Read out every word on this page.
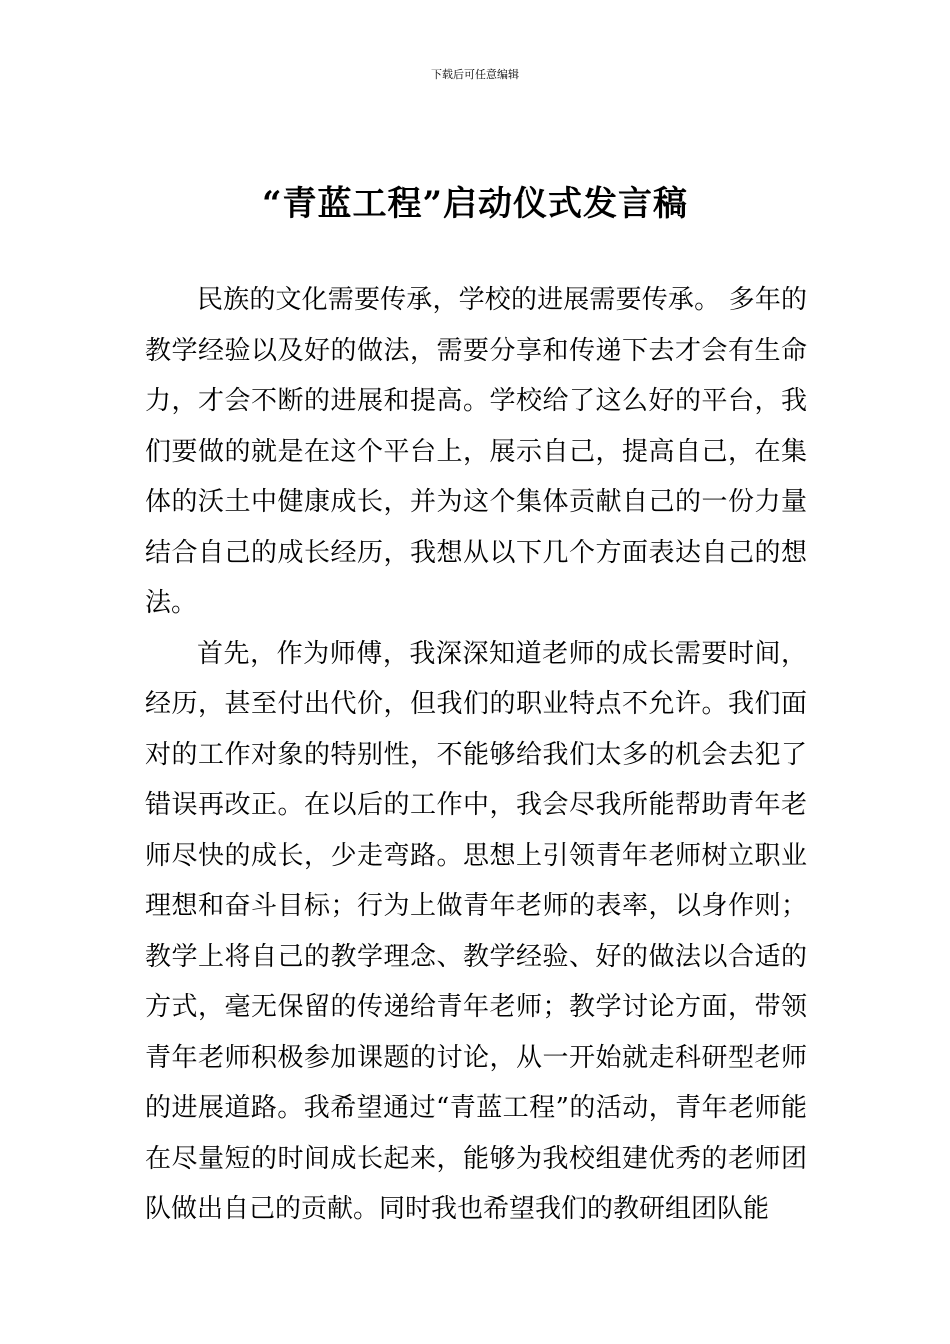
下载后可任意编辑
“青蓝工程”启动仪式发言稿

民族的文化需要传承，学校的进展需要传承。 多年的教学经验以及好的做法，需要分享和传递下去才会有生命力，才会不断的进展和提高。学校给了这么好的平台，我们要做的就是在这个平台上，展示自己，提高自己，在集体的沃土中健康成长，并为这个集体贡献自己的一份力量结合自己的成长经历，我想从以下几个方面表达自己的想法。

首先，作为师傅，我深深知道老师的成长需要时间，经历，甚至付出代价，但我们的职业特点不允许。我们面对的工作对象的特别性，不能够给我们太多的机会去犯了错误再改正。在以后的工作中，我会尽我所能帮助青年老师尽快的成长，少走弯路。思想上引领青年老师树立职业理想和奋斗目标；行为上做青年老师的表率，以身作则；教学上将自己的教学理念、教学经验、好的做法以合适的方式，毫无保留的传递给青年老师；教学讨论方面，带领青年老师积极参加课题的讨论，从一开始就走科研型老师的进展道路。我希望通过“青蓝工程”的活动，青年老师能在尽量短的时间成长起来，能够为我校组建优秀的老师团队做出自己的贡献。同时我也希望我们的教研组团队能
